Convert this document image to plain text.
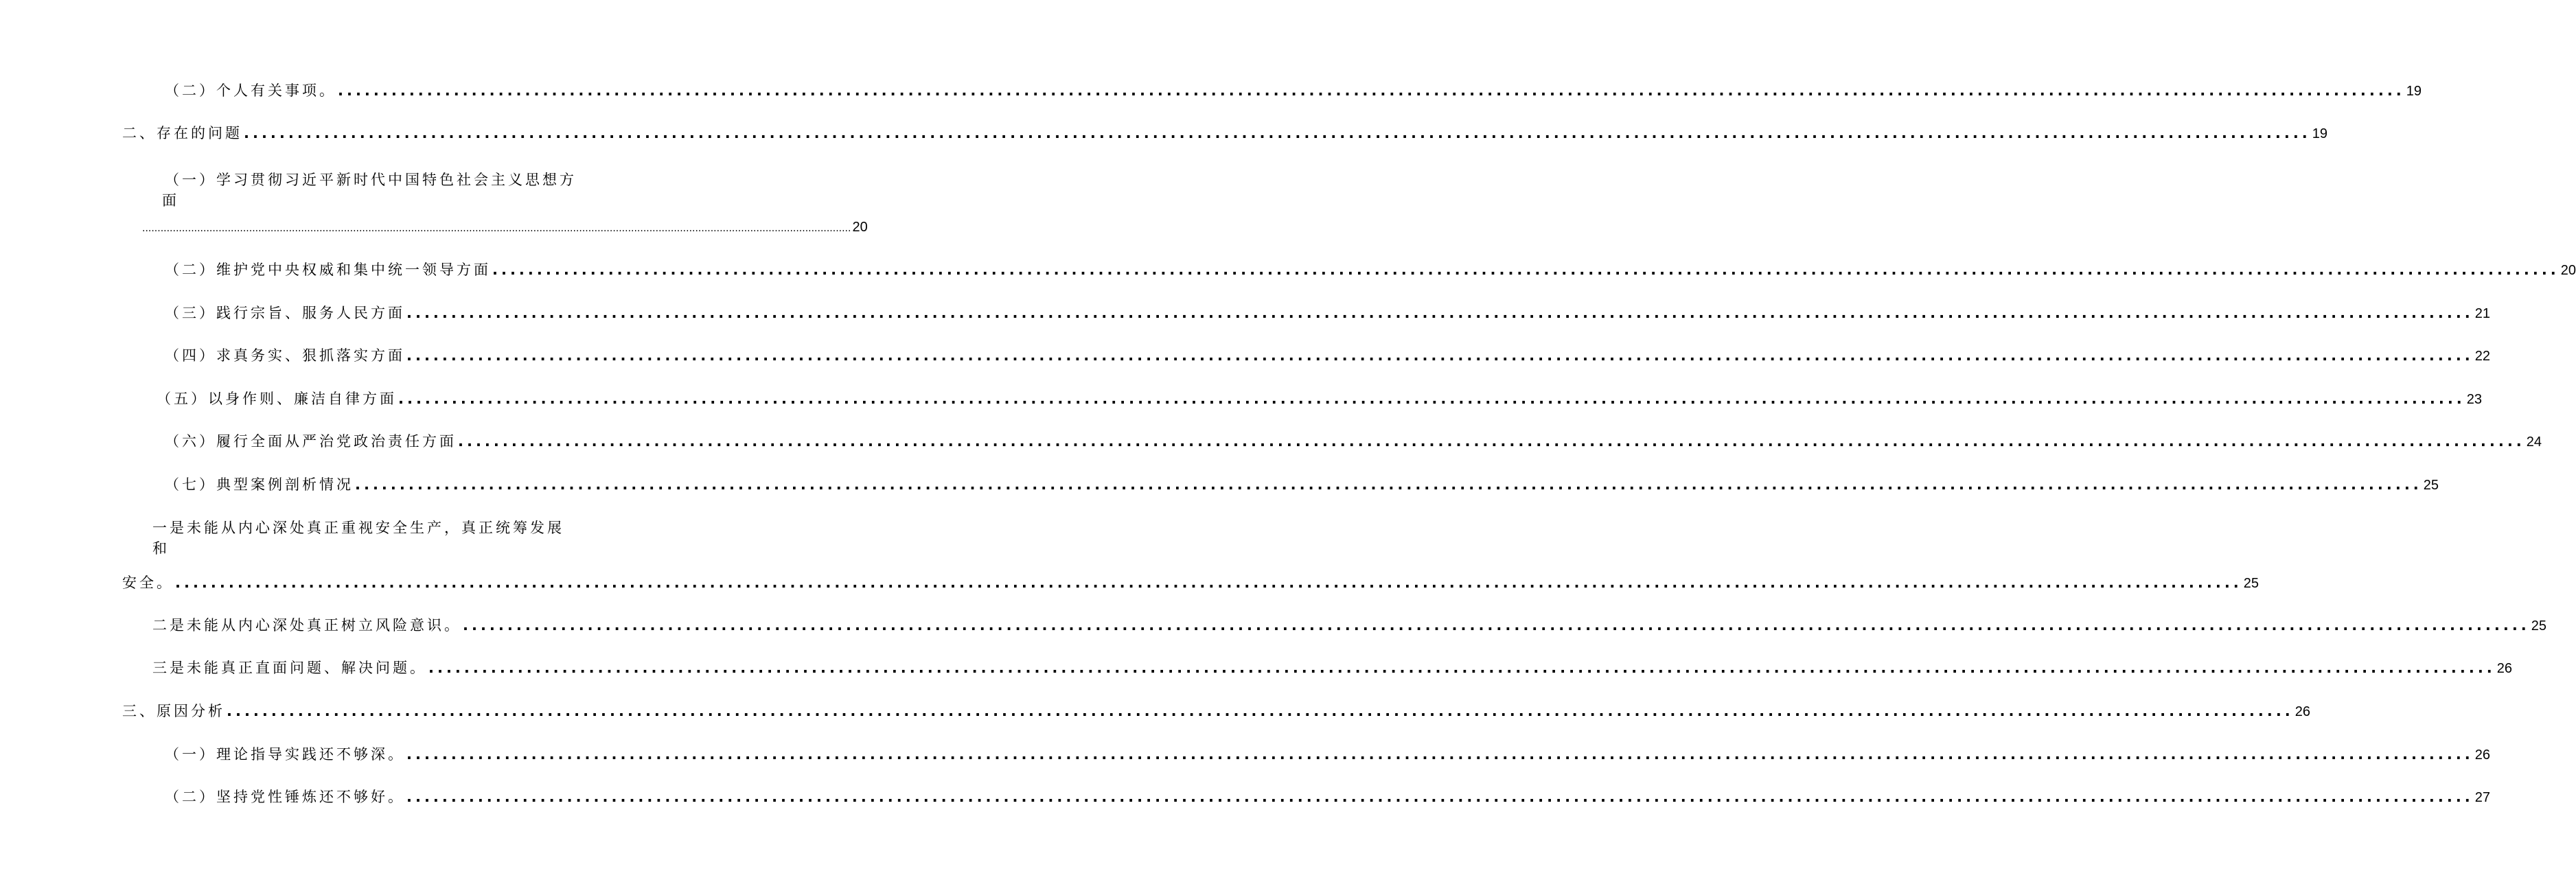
（二）个人有关事项。 ........................................................................................................................................................................................................................................ 19
二、存在的问题 ........................................................................................................................................................................................................................................ 19
（一）学习贯彻习近平新时代中国特色社会主义思想方
面
........................................................................................................................................................................................................................................ 20
（二）维护党中央权威和集中统一领导方面 ........................................................................................................................................................................................................................................ 20
（三）践行宗旨、服务人民方面 ........................................................................................................................................................................................................................................ 21
（四）求真务实、狠抓落实方面 ........................................................................................................................................................................................................................................ 22
（五）以身作则、廉洁自律方面 ........................................................................................................................................................................................................................................ 23
（六）履行全面从严治党政治责任方面 ........................................................................................................................................................................................................................................ 24
（七）典型案例剖析情况 ........................................................................................................................................................................................................................................ 25
一是未能从内心深处真正重视安全生产，真正统筹发展
和
安全。 ........................................................................................................................................................................................................................................ 25
二是未能从内心深处真正树立风险意识。 ........................................................................................................................................................................................................................................ 25
三是未能真正直面问题、解决问题。 ........................................................................................................................................................................................................................................ 26
三、原因分析 ........................................................................................................................................................................................................................................ 26
（一）理论指导实践还不够深。 ........................................................................................................................................................................................................................................ 26
（二）坚持党性锤炼还不够好。 ........................................................................................................................................................................................................................................ 27
